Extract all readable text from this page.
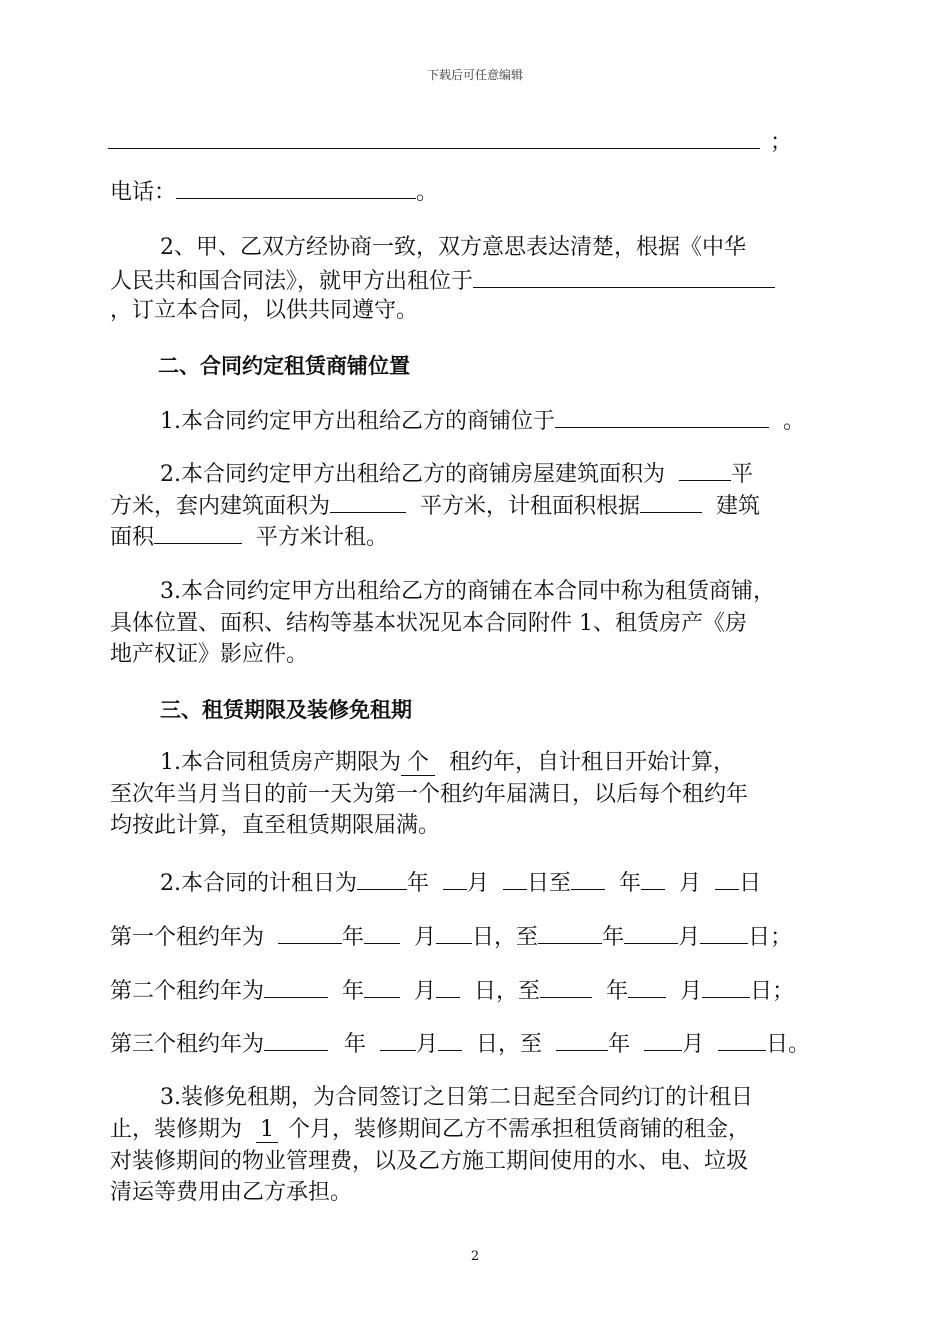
下载后可任意编辑
；
电话：	。
2、甲、乙双方经协商一致，双方意思表达清楚，根据《中华
人民共和国合同法》，就甲方出租位于
，订立本合同，以供共同遵守。
二、合同约定租赁商铺位置
1.本合同约定甲方出租给乙方的商铺位于	。
2.本合同约定甲方出租给乙方的商铺房屋建筑面积为	平
方米，套内建筑面积为	平方米，计租面积根据	建筑
面积	平方米计租。
3.本合同约定甲方出租给乙方的商铺在本合同中称为租赁商铺，
具体位置、面积、结构等基本状况见本合同附件 1、租赁房产《房
地产权证》影应件。
三、租赁期限及装修免租期
1.本合同租赁房产期限为 个 租约年，自计租日开始计算，
至次年当月当日的前一天为第一个租约年届满日，以后每个租约年
均按此计算，直至租赁期限届满。
2.本合同的计租日为 年 月 日至 年 月 日
第一个租约年为	年 月 日，至	年 月 日；
第二个租约年为	年 月 日，至	年 月 日；
第三个租约年为	年 月 日，至	年 月	日。
3.装修免租期，为合同签订之日第二日起至合同约订的计租日
止，装修期为 1 个月，装修期间乙方不需承担租赁商铺的租金，
对装修期间的物业管理费，以及乙方施工期间使用的水、电、垃圾
清运等费用由乙方承担。
2
